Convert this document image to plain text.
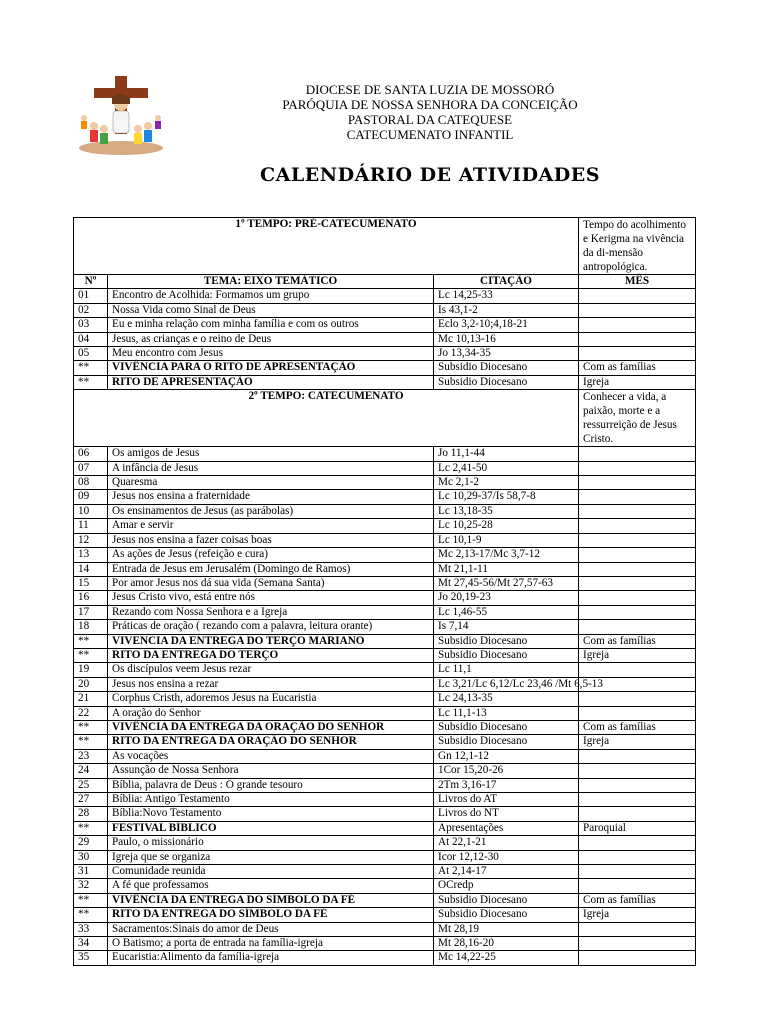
DIOCESE DE SANTA LUZIA DE MOSSORÓ
PARÓQUIA DE NOSSA SENHORA DA CONCEIÇÃO
PASTORAL DA CATEQUESE
CATECUMENATO INFANTIL
CALENDÁRIO DE ATIVIDADES
1º TEMPO: PRÉ-CATECUMENATO			Tempo do acolhimento e Kerigma na vivência da di-mensão antropológica.
Nº	TEMA: EIXO TEMÁTICO	CITAÇÃO	MÊS
01	Encontro de Acolhida: Formamos um grupo	Lc 14,25-33	
02	Nossa Vida como Sinal de Deus	Is 43,1-2	
03	Eu e minha relação com minha família e com os outros	Eclo 3,2-10;4,18-21	
04	Jesus, as crianças e o reino de Deus	Mc 10,13-16	
05	Meu encontro com Jesus	Jo 13,34-35	
**	VIVÊNCIA PARA O RITO DE APRESENTAÇÃO	Subsidio Diocesano	Com as famílias
**	RITO DE APRESENTAÇÃO	Subsidio Diocesano	Igreja
2º TEMPO: CATECUMENATO			Conhecer a vida, a paixão, morte e a ressurreição de Jesus Cristo.
06	Os amigos de Jesus	Jo 11,1-44	
07	A infância de Jesus	Lc 2,41-50	
08	Quaresma	Mc 2,1-2	
09	Jesus nos ensina a fraternidade	Lc 10,29-37/Is 58,7-8	
10	Os ensinamentos de Jesus (as parábolas)	Lc 13,18-35	
11	Amar e servir	Lc 10,25-28	
12	Jesus nos ensina a fazer coisas boas	Lc 10,1-9	
13	As ações de Jesus (refeição e cura)	Mc 2,13-17/Mc 3,7-12	
14	Entrada de Jesus em Jerusalém (Domingo de Ramos)	Mt 21,1-11	
15	Por amor Jesus nos dá sua vida (Semana Santa)	Mt 27,45-56/Mt 27,57-63	
16	Jesus Cristo vivo, está entre nós	Jo 20,19-23	
17	Rezando com Nossa Senhora e a Igreja	Lc 1,46-55	
18	Práticas de oração ( rezando com a palavra, leitura orante)	Is 7,14	
**	VIVENCIA DA ENTREGA DO TERÇO MARIANO	Subsidio Diocesano	Com as famílias
**	RITO DA ENTREGA DO TERÇO	Subsidio Diocesano	Igreja
19	Os discípulos veem Jesus rezar	Lc 11,1	
20	Jesus nos ensina a rezar	Lc 3,21/Lc 6,12/Lc 23,46 /Mt 6,5-13	
21	Corphus Cristh, adoremos Jesus na Eucaristia	Lc 24,13-35	
22	A oração do Senhor	Lc 11,1-13	
**	VIVÊNCIA DA ENTREGA DA ORAÇÃO DO SENHOR	Subsidio Diocesano	Com as famílias
**	RITO DA ENTREGA DA ORAÇÃO DO SENHOR	Subsidio Diocesano	Igreja
23	As vocações	Gn 12,1-12	
24	Assunção de Nossa Senhora	1Cor 15,20-26	
25	Bíblia, palavra de Deus : O grande tesouro	2Tm 3,16-17	
27	Bíblia: Antigo Testamento	Livros do AT	
28	Bíblia:Novo Testamento	Livros do NT	
**	FESTIVAL BÍBLICO	Apresentações	Paroquial
29	Paulo, o missionário	At 22,1-21	
30	Igreja que se organiza	Icor 12,12-30	
31	Comunidade reunida	At 2,14-17	
32	A fé que professamos	OCredp	
**	VIVÊNCIA DA ENTREGA DO SÍMBOLO DA FÉ	Subsidio Diocesano	Com as famílias
**	RITO DA ENTREGA DO SÍMBOLO DA FÉ	Subsidio Diocesano	Igreja
33	Sacramentos:Sinais do amor de Deus	Mt 28,19	
34	O Batismo; a porta de entrada na família-igreja	Mt 28,16-20	
35	Eucaristia:Alimento da família-igreja	Mc 14,22-25	
